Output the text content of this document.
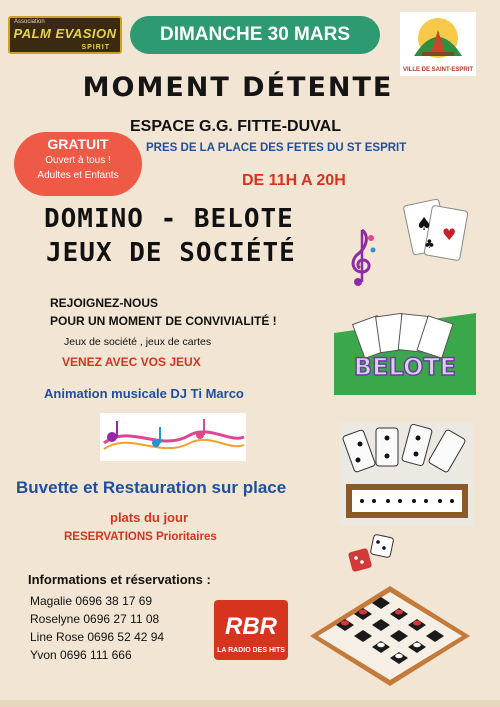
Association
PALM EVASION
SPIRIT
DIMANCHE 30 MARS
VILLE DE SAINT-ESPRIT
MOMENT DÉTENTE
ESPACE G.G. FITTE-DUVAL
PRES DE LA PLACE DES FETES DU ST ESPRIT
GRATUIT
Ouvert à tous !
Adultes et Enfants	DE 11H A 20H
DOMINO - BELOTE
JEUX DE SOCIÉTÉ
♠ ♥
♣
REJOIGNEZ-NOUS
POUR UN MOMENT DE CONVIVIALITÉ !
Jeux de société , jeux de cartes
VENEZ AVEC VOS JEUX
Animation musicale DJ Ti Marco
BELOTE
Buvette et Restauration sur place
plats du jour
RESERVATIONS Prioritaires
Informations et réservations :
Magalie 0696 38 17 69
Roselyne 0696 27 11 08
Line Rose 0696 52 42 94
Yvon 0696 111 666
RBR
LA RADIO DES HITS
